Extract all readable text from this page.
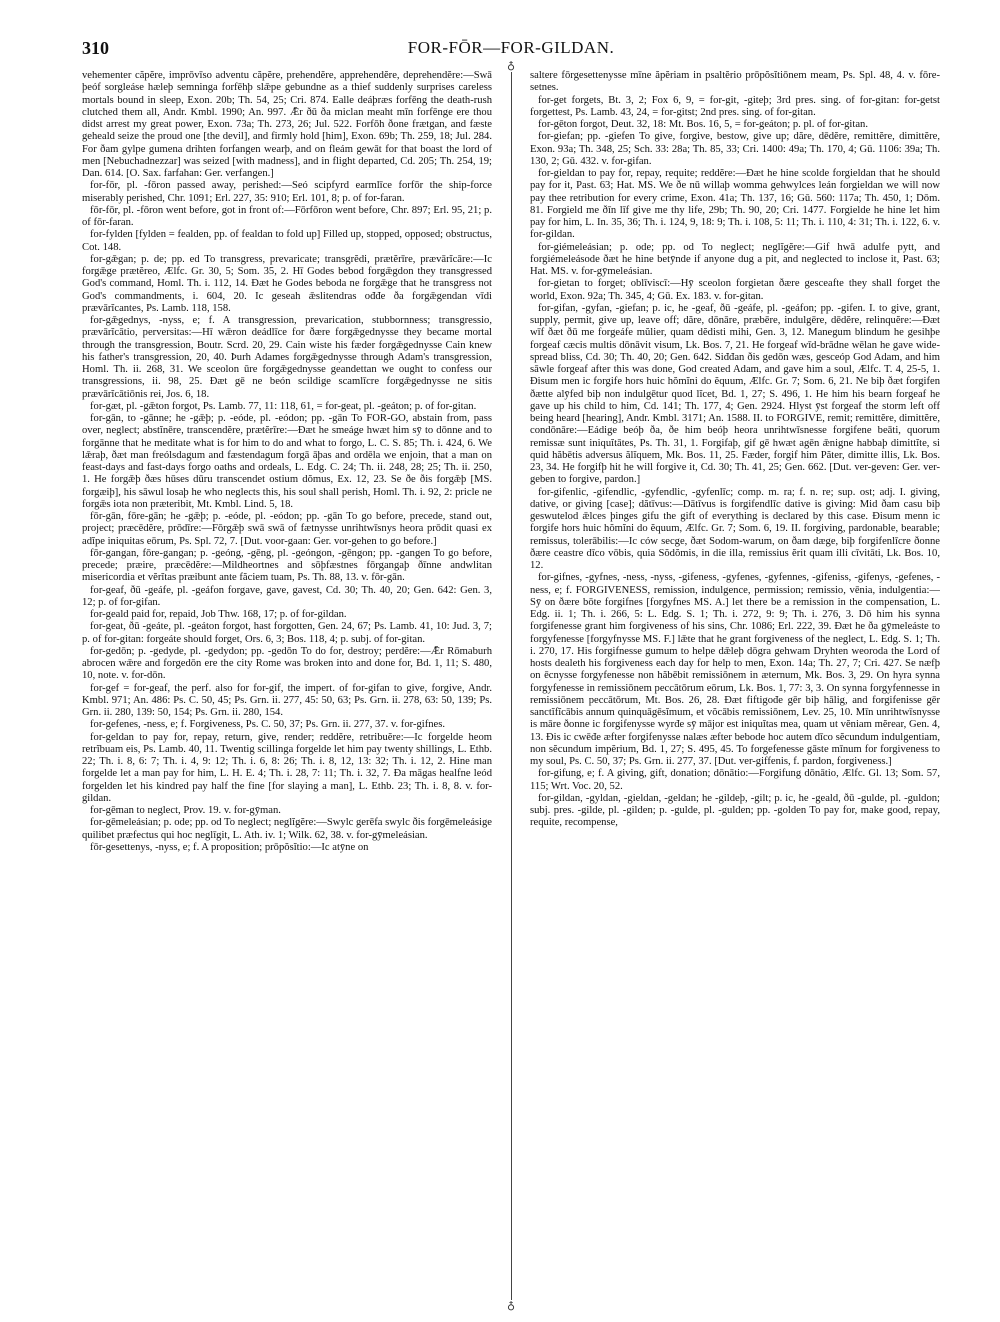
310	FOR-FŌR—FOR-GILDAN.
♁
♁

vehementer căpĕre, imprōvīso adventu căpĕre, prehendĕre, apprehendĕre, deprehendĕre:—Swā þeóf sorgleáse hæleþ semninga forfēhþ slǣpe gebundne as a thief suddenly surprises careless mortals bound in sleep, Exon. 20b; Th. 54, 25; Cri. 874. Ealle deáþræs forfēng the death-rush clutched them all, Andr. Kmbl. 1990; An. 997. Ǣr ðū ða miclan meaht mīn forfēnge ere thou didst arrest my great power, Exon. 73a; Th. 273, 26; Jul. 522. Forfōh ðone frætgan, and fæste geheald seize the proud one [the devil], and firmly hold [him], Exon. 69b; Th. 259, 18; Jul. 284. For ðam gylpe gumena drihten forfangen wearþ, and on fleám gewāt for that boast the lord of men [Nebuchadnezzar] was seized [with madness], and in flight departed, Cd. 205; Th. 254, 19; Dan. 614. [O. Sax. farfahan: Ger. verfangen.]

for-fōr, pl. -fōron passed away, perished:—Seó scipfyrd earmlīce forfōr the ship-force miserably perished, Chr. 1091; Erl. 227, 35: 910; Erl. 101, 8; p. of for-faran.

fōr-fōr, pl. -fōron went before, got in front of:—Fōrfōron went before, Chr. 897; Erl. 95, 21; p. of fōr-faran.

for-fylden [fylden = fealden, pp. of fealdan to fold up] Filled up, stopped, opposed; obstructus, Cot. 148.

for-gǣgan; p. de; pp. ed To transgress, prevaricate; transgrĕdi, prætĕrīre, prævārĭcāre:—Ic forgǣge prætĕreo, Ælfc. Gr. 30, 5; Som. 35, 2. Hī Godes bebod forgǣgdon they transgressed God's command, Homl. Th. i. 112, 14. Ðæt he Godes beboda ne forgǣge that he transgress not God's commandments, i. 604, 20. Ic geseah ǣslitendras ođđe ða forgǣgendan vīdi prævārĭcantes, Ps. Lamb. 118, 158.

for-gǣgednys, -nyss, e; f. A transgression, prevarication, stubbornness; transgressio, prævārĭcātio, perversitas:—Hī wǣron deádlīce for ðære forgǣgednysse they became mortal through the transgression, Boutr. Scrd. 20, 29. Cain wiste his fæder forgǣgednysse Cain knew his father's transgression, 20, 40. Þurh Adames forgǣgednysse through Adam's transgression, Homl. Th. ii. 268, 31. We sceolon ūre forgǣgednysse geandettan we ought to confess our transgressions, ii. 98, 25. Ðæt gē ne beón scildige scamlīcre forgǣgednysse ne sitis prævārĭcātiōnis rei, Jos. 6, 18.

for-gæt, pl. -gǣton forgot, Ps. Lamb. 77, 11: 118, 61, = for-geat, pl. -geáton; p. of for-gitan.

for-gān, to -gānne; he -gǣþ; p. -eóde, pl. -eódon; pp. -gān To FOR-GO, abstain from, pass over, neglect; abstĭnēre, transcendĕre, prætĕrīre:—Ðæt he smeáge hwæt him sȳ to dōnne and to forgānne that he meditate what is for him to do and what to forgo, L. C. S. 85; Th. i. 424, 6. We lǣraþ, ðæt man freólsdagum and fæstendagum forgā āþas and ordēla we enjoin, that a man on feast-days and fast-days forgo oaths and ordeals, L. Edg. C. 24; Th. ii. 248, 28; 25; Th. ii. 250, 1. He forgǣþ ðæs hūses dūru transcendet ostium dŏmus, Ex. 12, 23. Se ðe ðis forgǣþ [MS. forgæiþ], his sāwul losaþ he who neglects this, his soul shall perish, Homl. Th. i. 92, 2: pricle ne forgǣs iota non præteribit, Mt. Kmbl. Lind. 5, 18.

fōr-gān, fōre-gān; he -gǣþ; p. -eóde, pl. -eódon; pp. -gān To go before, precede, stand out, project; præcēdĕre, prōdīre:—Fōrgǣþ swā swā of fætnysse unrihtwīsnys heora prōdit quasi ex adĭpe iniquitas eōrum, Ps. Spl. 72, 7. [Dut. voor-gaan: Ger. vor-gehen to go before.]

fōr-gangan, fōre-gangan; p. -geóng, -gēng, pl. -geóngon, -gēngon; pp. -gangen To go before, precede; præire, præcēdĕre:—Mildheortnes and sōþfæstnes fōrgangaþ ðīnne andwlitan misericordia et vĕrĭtas præibunt ante făciem tuam, Ps. Th. 88, 13. v. fōr-gān.

for-geaf, ðū -geáfe, pl. -geáfon forgave, gave, gavest, Cd. 30; Th. 40, 20; Gen. 642: Gen. 3, 12; p. of for-gifan.

for-geald paid for, repaid, Job Thw. 168, 17; p. of for-gildan.

for-geat, ðū -geáte, pl. -geáton forgot, hast forgotten, Gen. 24, 67; Ps. Lamb. 41, 10: Jud. 3, 7; p. of for-gitan: forgeáte should forget, Ors. 6, 3; Bos. 118, 4; p. subj. of for-gitan.

for-gedōn; p. -gedyde, pl. -gedydon; pp. -gedōn To do for, destroy; perdĕre:—Ǣr Rōmaburh abrocen wǣre and forgedōn ere the city Rome was broken into and done for, Bd. 1, 11; S. 480, 10, note. v. for-dōn.

for-gef = for-geaf, the perf. also for for-gif, the impert. of for-gifan to give, forgive, Andr. Kmbl. 971; An. 486: Ps. C. 50, 45; Ps. Grn. ii. 277, 45: 50, 63; Ps. Grn. ii. 278, 63: 50, 139; Ps. Grn. ii. 280, 139: 50, 154; Ps. Grn. ii. 280, 154.

for-gefenes, -ness, e; f. Forgiveness, Ps. C. 50, 37; Ps. Grn. ii. 277, 37. v. for-gifnes.

for-geldan to pay for, repay, return, give, render; reddĕre, retribuĕre:—Ic forgelde heom retrĭbuam eis, Ps. Lamb. 40, 11. Twentig scillinga forgelde let him pay twenty shillings, L. Ethb. 22; Th. i. 8, 6: 7; Th. i. 4, 9: 12; Th. i. 6, 8: 26; Th. i. 8, 12, 13: 32; Th. i. 12, 2. Hine man forgelde let a man pay for him, L. H. E. 4; Th. i. 28, 7: 11; Th. i. 32, 7. Ða māgas healfne leód forgelden let his kindred pay half the fine [for slaying a man], L. Ethb. 23; Th. i. 8, 8. v. for-gildan.

for-gēman to neglect, Prov. 19. v. for-gȳman.

for-gēmeleásian; p. ode; pp. od To neglect; neglĭgĕre:—Swylc gerēfa swylc ðis forgēmeleásige quilibet præfectus qui hoc neglīgit, L. Ath. iv. 1; Wilk. 62, 38. v. for-gȳmeleásian.

fōr-gesettenys, -nyss, e; f. A proposition; prōpŏsĭtio:—Ic atȳne on

saltere fōrgesettenysse mīne ăpĕriam in psaltĕrio prōpŏsĭtiōnem meam, Ps. Spl. 48, 4. v. fōre-setnes.

for-get forgets, Bt. 3, 2; Fox 6, 9, = for-git, -giteþ; 3rd pres. sing. of for-gitan: for-getst forgettest, Ps. Lamb. 43, 24, = for-gitst; 2nd pres. sing. of for-gitan.

for-gēton forgot, Deut. 32, 18: Mt. Bos. 16, 5, = for-geáton; p. pl. of for-gitan.

for-giefan; pp. -giefen To give, forgive, bestow, give up; dăre, dēdĕre, remittĕre, dimittĕre, Exon. 93a; Th. 348, 25; Sch. 33: 28a; Th. 85, 33; Cri. 1400: 49a; Th. 170, 4; Gū. 1106: 39a; Th. 130, 2; Gū. 432. v. for-gifan.

for-gieldan to pay for, repay, requite; reddĕre:—Ðæt he hine scolde forgieldan that he should pay for it, Past. 63; Hat. MS. We ðe nū willaþ womma gehwylces leán forgieldan we will now pay thee retribution for every crime, Exon. 41a; Th. 137, 16; Gū. 560: 117a; Th. 450, 1; Dōm. 81. Forgield me ðīn līf give me thy life, 29b; Th. 90, 20; Cri. 1477. Forgielde he hine let him pay for him, L. In. 35, 36; Th. i. 124, 9, 18: 9; Th. i. 108, 5: 11; Th. i. 110, 4: 31; Th. i. 122, 6. v. for-gildan.

for-giémeleásian; p. ode; pp. od To neglect; neglĭgĕre:—Gif hwā adulfe pytt, and forgiémeleásode ðæt he hine betȳnde if anyone dug a pit, and neglected to inclose it, Past. 63; Hat. MS. v. for-gȳmeleásian.

for-gietan to forget; oblīviscī:—Hȳ sceolon forgietan ðære gesceafte they shall forget the world, Exon. 92a; Th. 345, 4; Gū. Ex. 183. v. for-gitan.

for-gifan, -gyfan, -giefan; p. ic, he -geaf, ðū -geáfe, pl. -geáfon; pp. -gifen. I. to give, grant, supply, permit, give up, leave off; dăre, dōnāre, præbēre, indulgēre, dēdĕre, relinquĕre:—Ðæt wīf ðæt ðū me forgeáfe mŭlier, quam dĕdisti mihi, Gen. 3, 12. Manegum blindum he gesihþe forgeaf cæcis multis dōnāvit visum, Lk. Bos. 7, 21. He forgeaf wīd-brādne wēlan he gave wide-spread bliss, Cd. 30; Th. 40, 20; Gen. 642. Siđđan ðis gedōn wæs, gesceóp God Adam, and him sāwle forgeaf after this was done, God created Adam, and gave him a soul, Ælfc. T. 4, 25-5, 1. Ðisum men ic forgife hors huic hŏmĭni do ĕquum, Ælfc. Gr. 7; Som. 6, 21. Ne biþ ðæt forgifen ðætte alȳfed biþ non indulgētur quod lĭcet, Bd. 1, 27; S. 496, 1. He him his bearn forgeaf he gave up his child to him, Cd. 141; Th. 177, 4; Gen. 2924. Hlyst ȳst forgeaf the storm left off being heard [hearing], Andr. Kmbl. 3171; An. 1588. II. to FORGIVE, remit; remittĕre, dimittĕre, condōnāre:—Eádige beóþ ða, ðe him beóþ heora unrihtwīsnesse forgifene beāti, quorum remissæ sunt iniquĭtātes, Ps. Th. 31, 1. Forgifaþ, gif gē hwæt agēn ǣnigne habbaþ dimittĭte, si quid hăbētis adversus ălĭquem, Mk. Bos. 11, 25. Fæder, forgif him Păter, dimitte illis, Lk. Bos. 23, 34. He forgifþ hit he will forgive it, Cd. 30; Th. 41, 25; Gen. 662. [Dut. ver-geven: Ger. ver-geben to forgive, pardon.]

for-gifenlic, -gifendlic, -gyfendlic, -gyfenlīc; comp. m. ra; f. n. re; sup. ost; adj. I. giving, dative, or giving [case]; dătīvus:—Dātīvus is forgifendlīc dative is giving: Mid ðam casu biþ geswutelod ǣlces þinges gifu the gift of everything is declared by this case. Ðisum menn ic forgife hors huic hŏmĭni do ĕquum, Ælfc. Gr. 7; Som. 6, 19. II. forgiving, pardonable, bearable; remissus, tolerābilis:—Ic ców secge, ðæt Sodom-warum, on ðam dæge, biþ forgifenlīcre ðonne ðære ceastre dīco vōbis, quia Sŏdŏmis, in die illa, remissius ĕrit quam illi cīvitāti, Lk. Bos. 10, 12.

for-gifnes, -gyfnes, -ness, -nyss, -gifeness, -gyfenes, -gyfennes, -gifeniss, -gifenys, -gefenes, -ness, e; f. FORGIVENESS, remission, indulgence, permission; remissio, vēnia, indulgentia:—Sȳ on ðære bōte forgifnes [forgyfnes MS. A.] let there be a remission in the compensation, L. Edg. ii. 1; Th. i. 266, 5: L. Edg. S. 1; Th. i. 272, 9: 9; Th. i. 276, 3. Dō him his synna forgifenesse grant him forgiveness of his sins, Chr. 1086; Erl. 222, 39. Ðæt he ða gȳmeleáste to forgyfenesse [forgyfnysse MS. F.] lǣte that he grant forgiveness of the neglect, L. Edg. S. 1; Th. i. 270, 17. His forgifnesse gumum to helpe dǣleþ dōgra gehwam Dryhten weoroda the Lord of hosts dealeth his forgiveness each day for help to men, Exon. 14a; Th. 27, 7; Cri. 427. Se næfþ on ēcnysse forgyfenesse non hăbēbit remissiōnem in æternum, Mk. Bos. 3, 29. On hyra synna forgyfenesse in remissiōnem peccātōrum eōrum, Lk. Bos. 1, 77: 3, 3. On synna forgyfennesse in remissiōnem peccātōrum, Mt. Bos. 26, 28. Ðæt fiftigođe gēr biþ hālig, and forgifenisse gēr sanctĭfĭcābis annum quinquāgēsĭmum, et vŏcābis remissiōnem, Lev. 25, 10. Mīn unrihtwīsnysse is māre ðonne ic forgifenysse wyrđe sȳ mājor est iniquĭtas mea, quam ut vĕniam mĕrear, Gen. 4, 13. Ðis ic cwēđe æfter forgifenysse nalæs æfter bebode hoc autem dīco sĕcundum indulgentiam, non sĕcundum impĕrium, Bd. 1, 27; S. 495, 45. To forgefenesse gāste mīnum for forgiveness to my soul, Ps. C. 50, 37; Ps. Grn. ii. 277, 37. [Dut. ver-giffenis, f. pardon, forgiveness.]

for-gifung, e; f. A giving, gift, donation; dōnātio:—Forgifung dōnātio, Ælfc. Gl. 13; Som. 57, 115; Wrt. Voc. 20, 52.

for-gildan, -gyldan, -gieldan, -geldan; he -gildeþ, -gilt; p. ic, he -geald, ðū -gulde, pl. -guldon; subj. pres. -gilde, pl. -gilden; p. -gulde, pl. -gulden; pp. -golden To pay for, make good, repay, requite, recompense,
